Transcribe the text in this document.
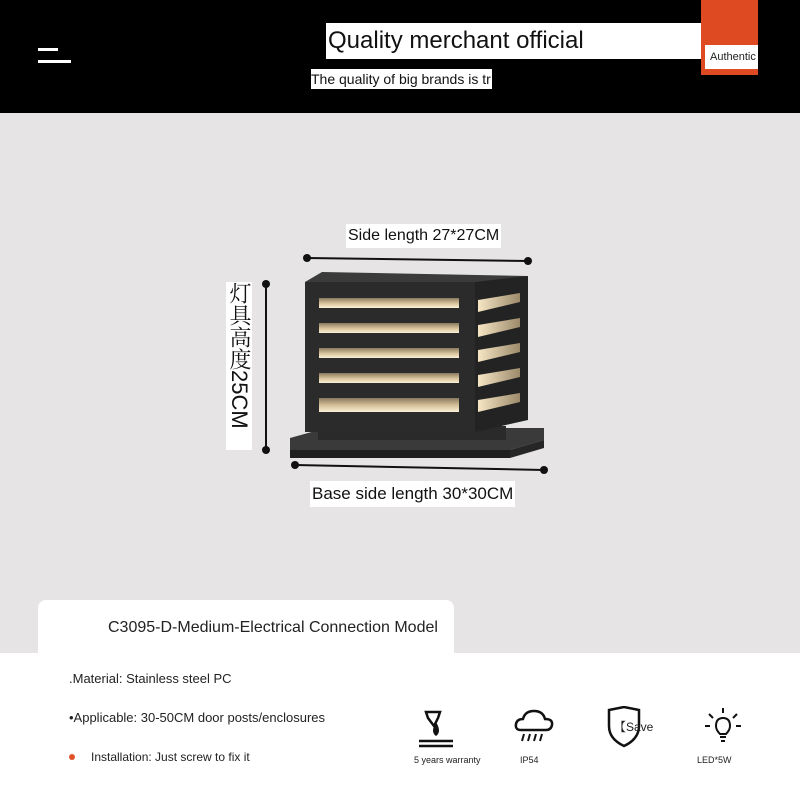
Quality merchant official
Authentic
The quality of big brands is tr
Side length 27*27CM
灯具高度25CM
Base side length 30*30CM
C3095-D-Medium-Electrical Connection Model
.Material: Stainless steel PC
•Applicable: 30-50CM door posts/enclosures
Installation: Just screw to fix it	5 years warranty	IP54
【Save
LED*5W
